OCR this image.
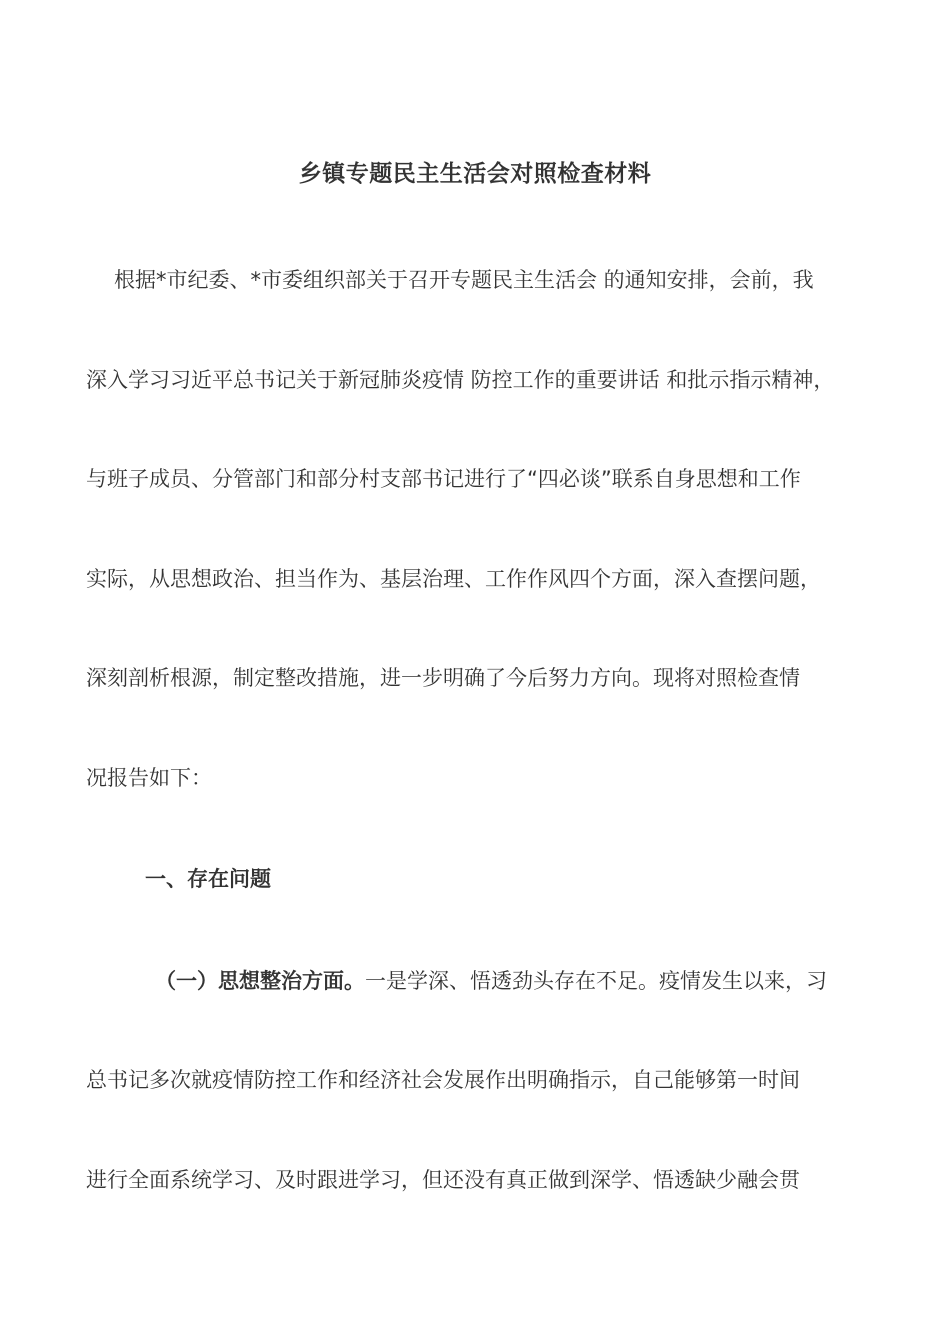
乡镇专题民主生活会对照检查材料
根据*市纪委、*市委组织部关于召开专题民主生活会 的通知安排，会前，我
深入学习习近平总书记关于新冠肺炎疫情 防控工作的重要讲话 和批示指示精神，
与班子成员、分管部门和部分村支部书记进行了“四必谈”联系自身思想和工作
实际，从思想政治、担当作为、基层治理、工作作风四个方面，深入查摆问题，
深刻剖析根源，制定整改措施，进一步明确了今后努力方向。现将对照检查情
况报告如下：
一、存在问题
（一）思想整治方面。一是学深、悟透劲头存在不足。疫情发生以来，习
总书记多次就疫情防控工作和经济社会发展作出明确指示，自己能够第一时间
进行全面系统学习、及时跟进学习，但还没有真正做到深学、悟透缺少融会贯
